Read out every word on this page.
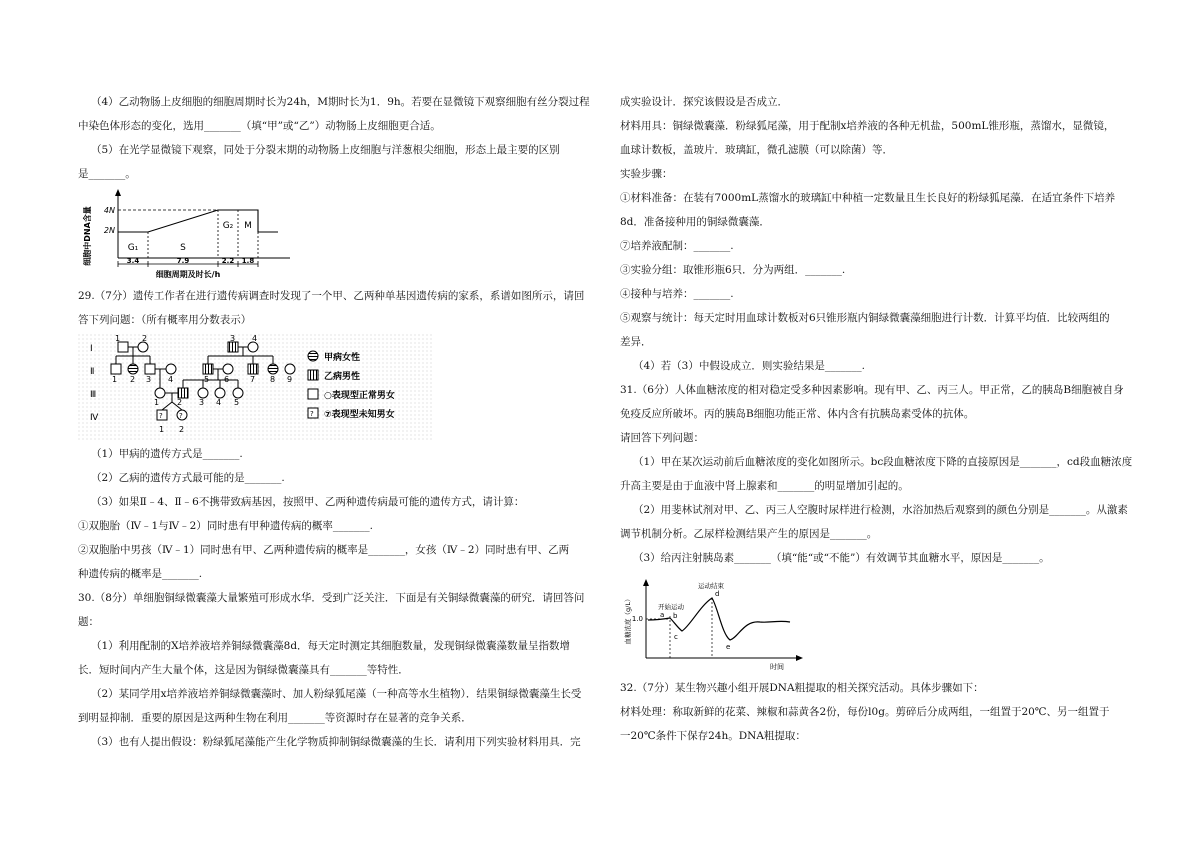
（4）乙动物肠上皮细胞的细胞周期时长为24h，M期时长为1．9h。若要在显微镜下观察细胞有丝分裂过程

中染色体形态的变化，选用_______（填“甲”或“乙”）动物肠上皮细胞更合适。

（5）在光学显微镜下观察，同处于分裂末期的动物肠上皮细胞与洋葱根尖细胞，形态上最主要的区别

是_______。

细胞中DNA含量 4N
2N
G₁	S
G₂ M
3.4	7.9	2.2 1.8
细胞周期及时长/h

29.（7分）遗传工作者在进行遗传病调查时发现了一个甲、乙两种单基因遗传病的家系，系谱如图所示，请回

答下列问题：（所有概率用分数表示）

Ⅰ
Ⅱ
Ⅲ
Ⅳ
1 2 3 4	5 6	7 8 9
1 2 3 4 5
? ?
1 2
1	2	3 4
甲病女性
乙病男性
○表现型正常男女
? ⑦表现型未知男女

（1）甲病的遗传方式是_______.

（2）乙病的遗传方式最可能的是_______.

（3）如果Ⅱ﹣4、Ⅱ﹣6不携带致病基因，按照甲、乙两种遗传病最可能的遗传方式，请计算：

①双胞胎（Ⅳ﹣1与Ⅳ﹣2）同时患有甲种遗传病的概率_______.

②双胞胎中男孩（Ⅳ﹣1）同时患有甲、乙两种遗传病的概率是_______，女孩（Ⅳ﹣2）同时患有甲、乙两

种遗传病的概率是_______.

30.（8分）单细胞铜绿微囊藻大量繁殖可形成水华．受到广泛关注．下面是有关铜绿微囊藻的研究．请回答问

题：

（1）利用配制的X培养液培养铜绿微囊藻8d．每天定时测定其细胞数量，发现铜绿微囊藻数量呈指数增

长．短时间内产生大量个体，这是因为铜绿微囊藻具有_______等特性．

（2）某同学用x培养液培养铜绿微囊藻时、加人粉绿狐尾藻（一种高等水生植物）．结果铜绿微囊藻生长受

到明显抑制．重要的原因是这两种生物在利用_______等资源时存在显著的竞争关系．

（3）也有人提出假设：粉绿狐尾藻能产生化学物质抑制铜绿微囊藻的生长．请利用下列实验材料用具．完

成实验设计．探究该假设是否成立．

材料用具：铜绿微囊藻．粉绿狐尾藻，用于配制x培养液的各种无机盐，500mL锥形瓶，蒸馏水，显微镜，

血球计数板，盖玻片．玻璃缸，微孔滤膜（可以除菌）等．

实验步骤：

①材料准备：在装有7000mL蒸馏水的玻璃缸中种植一定数量且生长良好的粉绿狐尾藻．在适宜条件下培养

8d．准备接种用的铜绿微囊藻．

⑦培养液配制：_______.

③实验分组：取锥形瓶6只．分为两组．_______.

④接种与培养：_______.

⑤观察与统计：每天定时用血球计数板对6只锥形瓶内铜绿微囊藻细胞进行计数．计算平均值．比较两组的

差异．

（4）若（3）中假设成立．则实验结果是_______.

31.（6分）人体血糖浓度的相对稳定受多种因素影响。现有甲、乙、丙三人。甲正常，乙的胰岛B细胞被自身

免疫反应所破坏。丙的胰岛B细胞功能正常、体内含有抗胰岛素受体的抗体。

请回答下列问题：

（1）甲在某次运动前后血糖浓度的变化如图所示。bc段血糖浓度下降的直接原因是_______，cd段血糖浓度

升高主要是由于血液中肾上腺素和_______的明显增加引起的。

（2）用斐林试剂对甲、乙、丙三人空腹时尿样进行检测，水浴加热后观察到的颜色分别是_______。从激素

调节机制分析。乙尿样检测结果产生的原因是_______。

（3）给丙注射胰岛素_______（填“能“或“不能”）有效调节其血糖水平，原因是_______。

血糖浓度（g/L） 1.0
开始运动
运动结束
a b
c
d
e
时间

32.（7分）某生物兴趣小组开展DNA粗提取的相关探究活动。具体步骤如下：

材料处理：称取新鲜的花菜、辣椒和蒜黄各2份，每份l0g。剪碎后分成两组，一组置于20℃、另一组置于

一20℃条件下保存24h。DNA粗提取：
